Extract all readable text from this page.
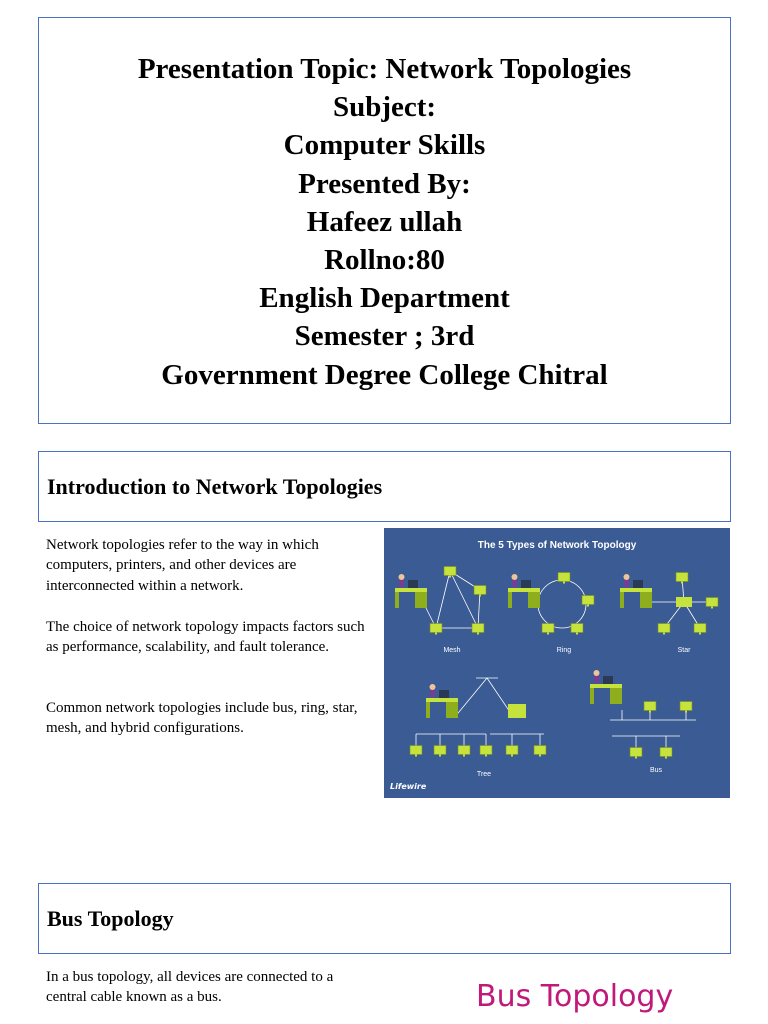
Presentation Topic: Network Topologies
Subject:
Computer Skills
Presented By:
Hafeez ullah
Rollno:80
English Department
Semester ; 3rd
Government Degree College Chitral
Introduction to Network Topologies
Network topologies refer to the way in which computers, printers, and other devices are interconnected within a network.
The choice of network topology impacts factors such as performance, scalability, and fault tolerance.
Common network topologies include bus, ring, star, mesh, and hybrid configurations.
The 5 Types of Network Topology
Mesh	Ring	Star
Tree
Bus
Lifewire
Bus Topology
In a bus topology, all devices are connected to a central cable known as a bus.	Bus Topology
